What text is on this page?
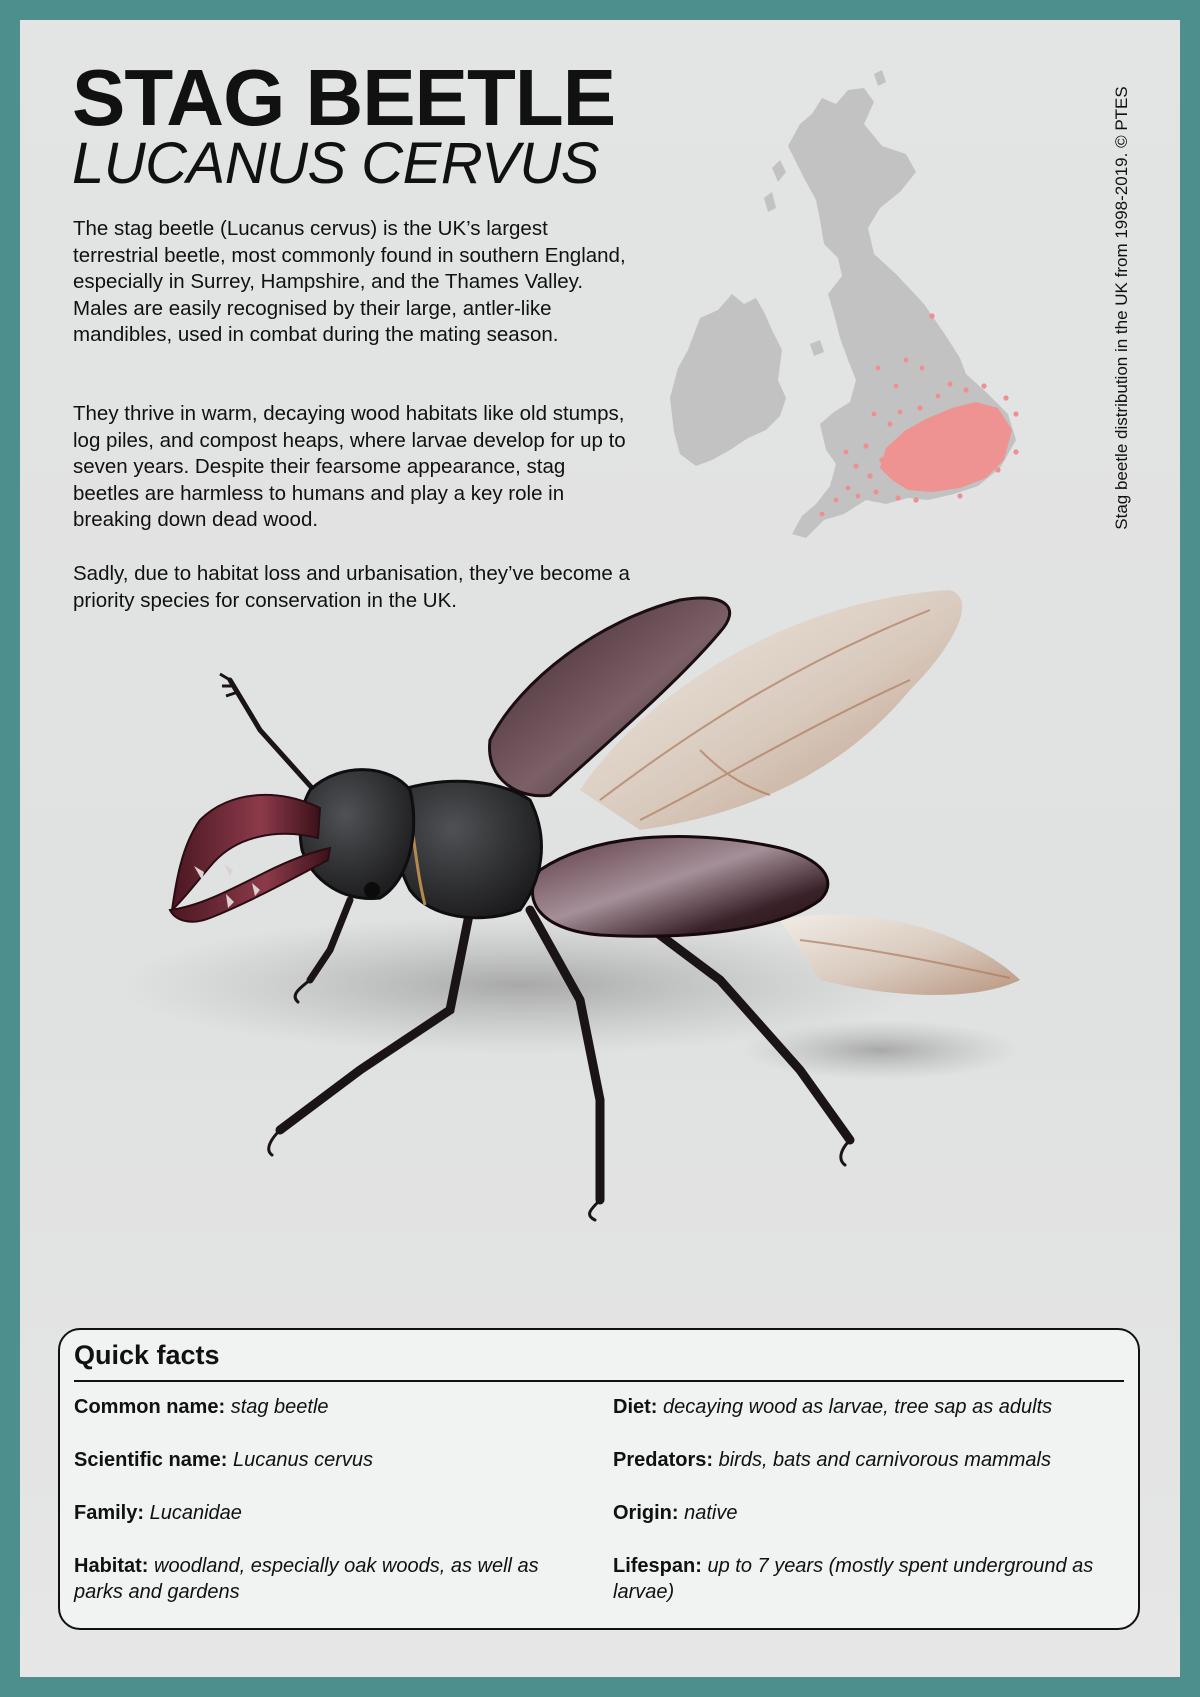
STAG BEETLE
LUCANUS CERVUS

The stag beetle (Lucanus cervus) is the UK’s largest terrestrial beetle, most commonly found in southern England, especially in Surrey, Hampshire, and the Thames Valley. Males are easily recognised by their large, antler-like mandibles, used in combat during the mating season.

They thrive in warm, decaying wood habitats like old stumps, log piles, and compost heaps, where larvae develop for up to seven years. Despite their fearsome appearance, stag beetles are harmless to humans and play a key role in breaking down dead wood.

Sadly, due to habitat loss and urbanisation, they’ve become a priority species for conservation in the UK.

Stag beetle distribution in the UK from 1998-2019. © PTES
Quick facts

Common name: stag beetle

Scientific name: Lucanus cervus

Family: Lucanidae

Habitat: woodland, especially oak woods, as well as parks and gardens

Diet: decaying wood as larvae, tree sap as adults

Predators: birds, bats and carnivorous mammals

Origin: native

Lifespan: up to 7 years (mostly spent underground as larvae)
